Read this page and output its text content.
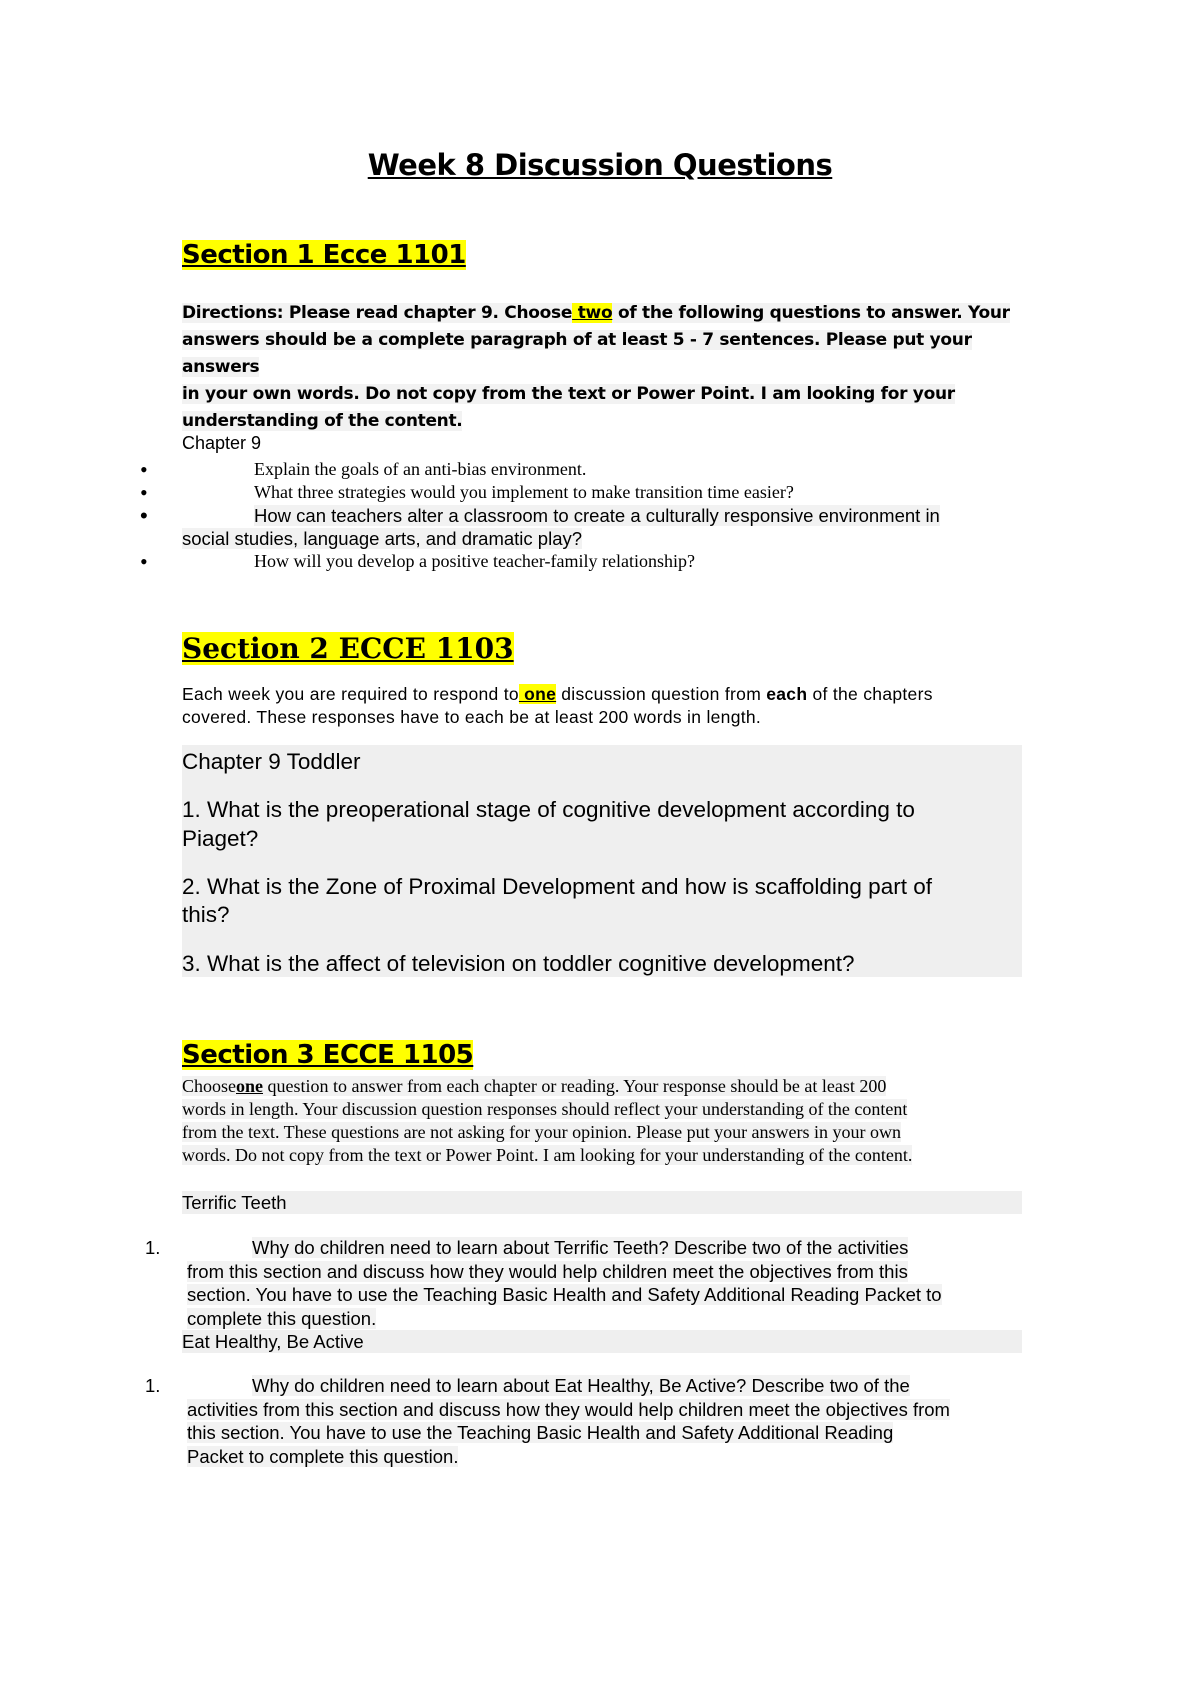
Week 8 Discussion Questions
Section 1 Ecce 1101
Directions: Please read chapter 9. Choose two of the following questions to answer. Your
answers should be a complete paragraph of at least 5 - 7 sentences. Please put your answers
in your own words. Do not copy from the text or Power Point. I am looking for your
understanding of the content.
Chapter 9
•	Explain the goals of an anti-bias environment.
•	What three strategies would you implement to make transition time easier?
•	How can teachers alter a classroom to create a culturally responsive environment in
social studies, language arts, and dramatic play?
•	How will you develop a positive teacher-family relationship?
Section 2 ECCE 1103
Each week you are required to respond to one discussion question from each of the chapters
covered. These responses have to each be at least 200 words in length.
Chapter 9 Toddler
1. What is the preoperational stage of cognitive development according to
Piaget?
2. What is the Zone of Proximal Development and how is scaffolding part of
this?
3. What is the affect of television on toddler cognitive development?
Section 3 ECCE 1105
Chooseone question to answer from each chapter or reading. Your response should be at least 200
words in length. Your discussion question responses should reflect your understanding of the content
from the text. These questions are not asking for your opinion. Please put your answers in your own
words. Do not copy from the text or Power Point. I am looking for your understanding of the content.
Terrific Teeth
1.	Why do children need to learn about Terrific Teeth? Describe two of the activities
from this section and discuss how they would help children meet the objectives from this
section. You have to use the Teaching Basic Health and Safety Additional Reading Packet to
complete this question.
Eat Healthy, Be Active
1.	Why do children need to learn about Eat Healthy, Be Active? Describe two of the
activities from this section and discuss how they would help children meet the objectives from
this section. You have to use the Teaching Basic Health and Safety Additional Reading
Packet to complete this question.
